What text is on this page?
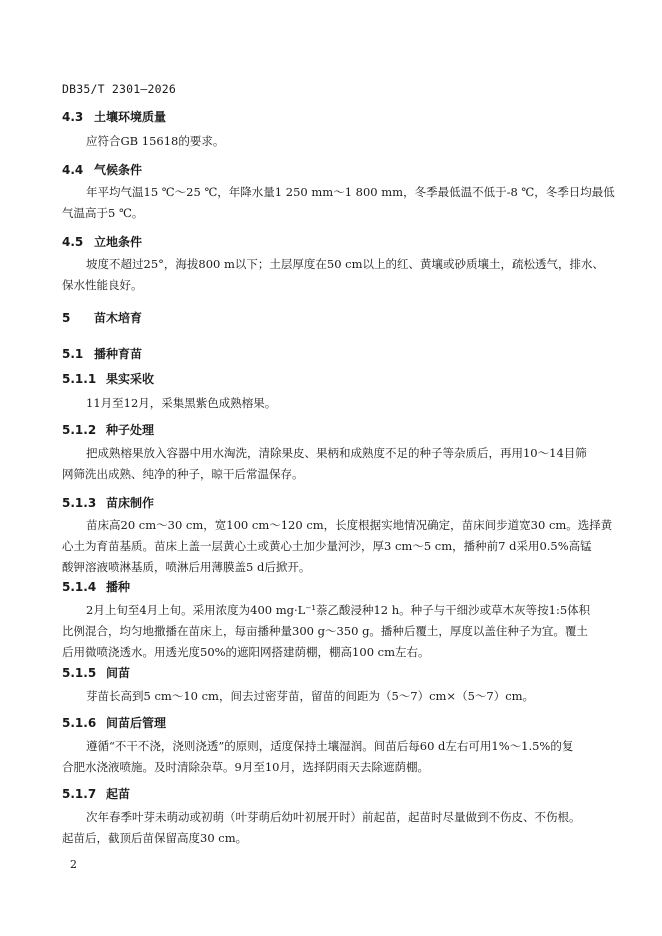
DB35/T 2301—2026
4.3 土壤环境质量
应符合GB 15618的要求。
4.4 气候条件
年平均气温15 ℃～25 ℃，年降水量1 250 mm～1 800 mm，冬季最低温不低于-8 ℃，冬季日均最低
气温高于5 ℃。
4.5 立地条件
坡度不超过25°，海拔800 m以下；土层厚度在50 cm以上的红、黄壤或砂质壤土，疏松透气，排水、
保水性能良好。
5 苗木培育
5.1 播种育苗
5.1.1 果实采收
11月至12月，采集黑紫色成熟榕果。
5.1.2 种子处理
把成熟榕果放入容器中用水淘洗，清除果皮、果柄和成熟度不足的种子等杂质后，再用10～14目筛
网筛洗出成熟、纯净的种子，晾干后常温保存。
5.1.3 苗床制作
苗床高20 cm～30 cm，宽100 cm～120 cm，长度根据实地情况确定，苗床间步道宽30 cm。选择黄
心土为育苗基质。苗床上盖一层黄心土或黄心土加少量河沙，厚3 cm～5 cm，播种前7 d采用0.5%高锰
酸钾溶液喷淋基质，喷淋后用薄膜盖5 d后掀开。
5.1.4 播种
2月上旬至4月上旬。采用浓度为400 mg·L⁻¹萘乙酸浸种12 h。种子与干细沙或草木灰等按1:5体积
比例混合，均匀地撒播在苗床上，每亩播种量300 g～350 g。播种后覆土，厚度以盖住种子为宜。覆土
后用微喷浇透水。用透光度50%的遮阳网搭建荫棚，棚高100 cm左右。
5.1.5 间苗
芽苗长高到5 cm～10 cm，间去过密芽苗，留苗的间距为（5～7）cm×（5～7）cm。
5.1.6 间苗后管理
遵循“不干不浇，浇则浇透”的原则，适度保持土壤湿润。间苗后每60 d左右可用1%～1.5%的复
合肥水浇液喷施。及时清除杂草。9月至10月，选择阴雨天去除遮荫棚。
5.1.7 起苗
次年春季叶芽未萌动或初萌（叶芽萌后幼叶初展开时）前起苗，起苗时尽量做到不伤皮、不伤根。
起苗后，截顶后苗保留高度30 cm。
2
